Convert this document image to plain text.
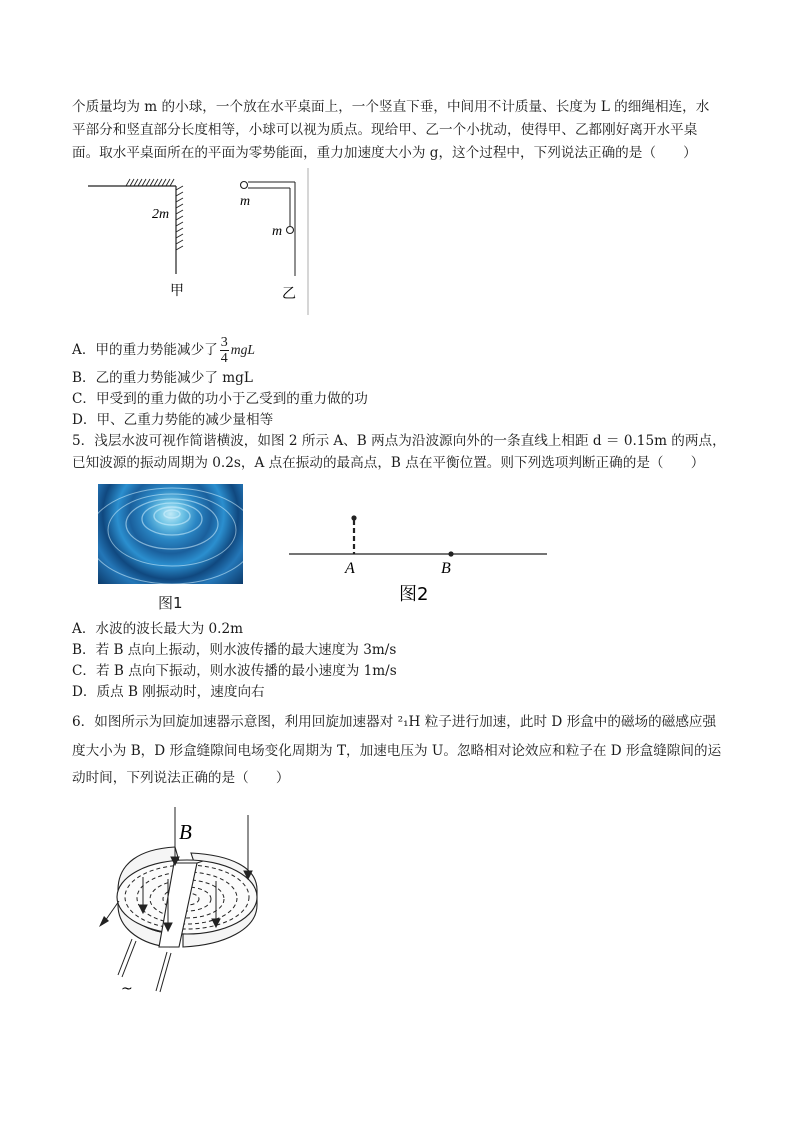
个质量均为 m 的小球，一个放在水平桌面上，一个竖直下垂，中间用不计质量、长度为 L 的细绳相连，水
平部分和竖直部分长度相等，小球可以视为质点。现给甲、乙一个小扰动，使得甲、乙都刚好离开水平桌
面。取水平桌面所在的平面为零势能面，重力加速度大小为 g，这个过程中，下列说法正确的是（　　）
2m
甲
m
m
乙
A．甲的重力势能减少了 $\frac{3}{4}$ mgL
B．乙的重力势能减少了 mgL
C．甲受到的重力做的功小于乙受到的重力做的功
D．甲、乙重力势能的减少量相等
5．浅层水波可视作简谐横波，如图 2 所示 A、B 两点为沿波源向外的一条直线上相距 d ＝ 0.15m 的两点，
已知波源的振动周期为 0.2s，A 点在振动的最高点，B 点在平衡位置。则下列选项判断正确的是（　　）
图1
A	B
图2
A．水波的波长最大为 0.2m
B．若 B 点向上振动，则水波传播的最大速度为 3m/s
C．若 B 点向下振动，则水波传播的最小速度为 1m/s
D．质点 B 刚振动时，速度向右
6．如图所示为回旋加速器示意图，利用回旋加速器对 ²₁H 粒子进行加速，此时 D 形盒中的磁场的磁感应强
度大小为 B，D 形盒缝隙间电场变化周期为 T，加速电压为 U。忽略相对论效应和粒子在 D 形盒缝隙间的运
动时间，下列说法正确的是（　　）
B
~
